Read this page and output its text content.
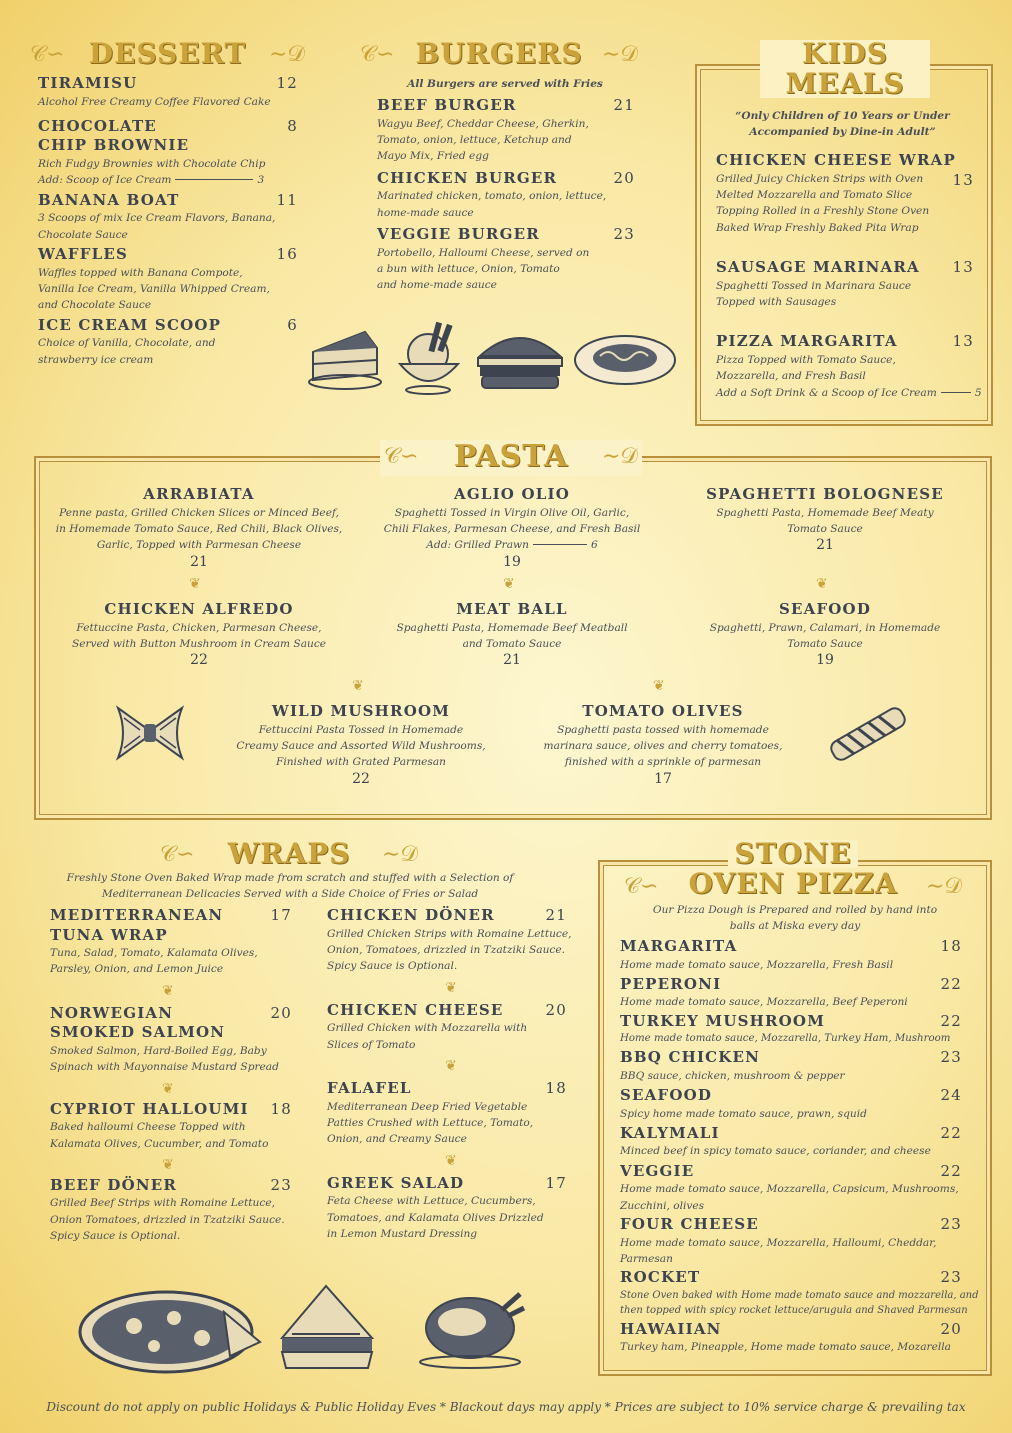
𝒞∽ DESSERT ∼𝒟
TIRAMISU	12
Alcohol Free Creamy Coffee Flavored Cake
CHOCOLATE	8
CHIP BROWNIE
Rich Fudgy Brownies with Chocolate Chip
Add: Scoop of Ice Cream	3
BANANA BOAT	11
3 Scoops of mix Ice Cream Flavors, Banana,
Chocolate Sauce
WAFFLES	16
Waffles topped with Banana Compote,
Vanilla Ice Cream, Vanilla Whipped Cream,
and Chocolate Sauce
ICE CREAM SCOOP	6
Choice of Vanilla, Chocolate, and
strawberry ice cream
𝒞∽ BURGERS ∼𝒟
All Burgers are served with Fries
BEEF BURGER	21
Wagyu Beef, Cheddar Cheese, Gherkin,
Tomato, onion, lettuce, Ketchup and
Mayo Mix, Fried egg
CHICKEN BURGER	20
Marinated chicken, tomato, onion, lettuce,
home-made sauce
VEGGIE BURGER	23
Portobello, Halloumi Cheese, served on
a bun with lettuce, Onion, Tomato
and home-made sauce
KIDS
MEALS
“Only Children of 10 Years or Under
Accompanied by Dine-in Adult”
CHICKEN CHEESE WRAP
13
Grilled Juicy Chicken Strips with Oven
Melted Mozzarella and Tomato Slice
Topping Rolled in a Freshly Stone Oven
Baked Wrap Freshly Baked Pita Wrap
SAUSAGE MARINARA 13
Spaghetti Tossed in Marinara Sauce
Topped with Sausages
PIZZA MARGARITA	13
Pizza Topped with Tomato Sauce,
Mozzarella, and Fresh Basil
Add a Soft Drink & a Scoop of Ice Cream	5
𝒞∽ PASTA ∼𝒟
ARRABIATA
Penne pasta, Grilled Chicken Slices or Minced Beef,
in Homemade Tomato Sauce, Red Chili, Black Olives,
Garlic, Topped with Parmesan Cheese
21
AGLIO OLIO
Spaghetti Tossed in Virgin Olive Oil, Garlic,
Chili Flakes, Parmesan Cheese, and Fresh Basil
Add: Grilled Prawn	6
19
SPAGHETTI BOLOGNESE
Spaghetti Pasta, Homemade Beef Meaty
Tomato Sauce
21
❦	❦	❦
CHICKEN ALFREDO
Fettuccine Pasta, Chicken, Parmesan Cheese,
Served with Button Mushroom in Cream Sauce
22
MEAT BALL
Spaghetti Pasta, Homemade Beef Meatball
and Tomato Sauce
21
SEAFOOD
Spaghetti, Prawn, Calamari, in Homemade
Tomato Sauce
19
❦	❦
WILD MUSHROOM
Fettuccini Pasta Tossed in Homemade
Creamy Sauce and Assorted Wild Mushrooms,
Finished with Grated Parmesan
22
TOMATO OLIVES
Spaghetti pasta tossed with homemade
marinara sauce, olives and cherry tomatoes,
finished with a sprinkle of parmesan
17
𝒞∽ WRAPS ∼𝒟
Freshly Stone Oven Baked Wrap made from scratch and stuffed with a Selection of
Mediterranean Delicacies Served with a Side Choice of Fries or Salad
MEDITERRANEAN	17
TUNA WRAP
Tuna, Salad, Tomato, Kalamata Olives,
Parsley, Onion, and Lemon Juice
❦
NORWEGIAN	20
SMOKED SALMON
Smoked Salmon, Hard-Boiled Egg, Baby
Spinach with Mayonnaise Mustard Spread
❦
CYPRIOT HALLOUMI 18
Baked halloumi Cheese Topped with
Kalamata Olives, Cucumber, and Tomato
❦
BEEF DÖNER	23
Grilled Beef Strips with Romaine Lettuce,
Onion Tomatoes, drizzled in Tzatziki Sauce.
Spicy Sauce is Optional.
CHICKEN DÖNER	21
Grilled Chicken Strips with Romaine Lettuce,
Onion, Tomatoes, drizzled in Tzatziki Sauce.
Spicy Sauce is Optional.
❦
CHICKEN CHEESE	20
Grilled Chicken with Mozzarella with
Slices of Tomato
❦
FALAFEL	18
Mediterranean Deep Fried Vegetable
Patties Crushed with Lettuce, Tomato,
Onion, and Creamy Sauce
❦
GREEK SALAD	17
Feta Cheese with Lettuce, Cucumbers,
Tomatoes, and Kalamata Olives Drizzled
in Lemon Mustard Dressing
STONE
𝒞∽ OVEN PIZZA ∼𝒟
Our Pizza Dough is Prepared and rolled by hand into
balls at Miska every day
MARGARITA	18
Home made tomato sauce, Mozzarella, Fresh Basil
PEPERONI	22
Home made tomato sauce, Mozzarella, Beef Peperoni
TURKEY MUSHROOM	22
Home made tomato sauce, Mozzarella, Turkey Ham, Mushroom
BBQ CHICKEN	23
BBQ sauce, chicken, mushroom & pepper
SEAFOOD	24
Spicy home made tomato sauce, prawn, squid
KALYMALI	22
Minced beef in spicy tomato sauce, coriander, and cheese
VEGGIE	22
Home made tomato sauce, Mozzarella, Capsicum, Mushrooms,
Zucchini, olives
FOUR CHEESE	23
Home made tomato sauce, Mozzarella, Halloumi, Cheddar,
Parmesan
ROCKET	23
Stone Oven baked with Home made tomato sauce and mozzarella, and
then topped with spicy rocket lettuce/arugula and Shaved Parmesan
HAWAIIAN	20
Turkey ham, Pineapple, Home made tomato sauce, Mozarella
Discount do not apply on public Holidays & Public Holiday Eves * Blackout days may apply * Prices are subject to 10% service charge & prevailing tax
